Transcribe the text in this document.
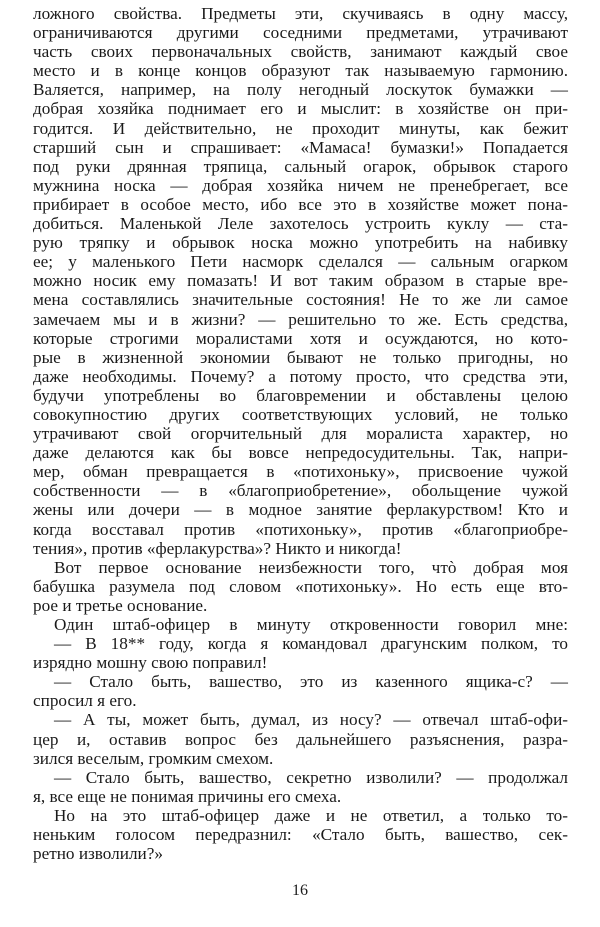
ложного свойства. Предметы эти, скучиваясь в одну массу,
ограничиваются другими соседними предметами, утрачивают
часть своих первоначальных свойств, занимают каждый свое
место и в конце концов образуют так называемую гармонию.
Валяется, например, на полу негодный лоскуток бумажки —
добрая хозяйка поднимает его и мыслит: в хозяйстве он при-
годится. И действительно, не проходит минуты, как бежит
старший сын и спрашивает: «Мамаса! бумазки!» Попадается
под руки дрянная тряпица, сальный огарок, обрывок старого
мужнина носка — добрая хозяйка ничем не пренебрегает, все
прибирает в особое место, ибо все это в хозяйстве может пона-
добиться. Маленькой Леле захотелось устроить куклу — ста-
рую тряпку и обрывок носка можно употребить на набивку
ее; у маленького Пети насморк сделался — сальным огарком
можно носик ему помазать! И вот таким образом в старые вре-
мена составлялись значительные состояния! Не то же ли самое
замечаем мы и в жизни? — решительно то же. Есть средства,
которые строгими моралистами хотя и осуждаются, но кото-
рые в жизненной экономии бывают не только пригодны, но
даже необходимы. Почему? а потому просто, что средства эти,
будучи употреблены во благовремении и обставлены целою
совокупностию других соответствующих условий, не только
утрачивают свой огорчительный для моралиста характер, но
даже делаются как бы вовсе непредосудительны. Так, напри-
мер, обман превращается в «потихоньку», присвоение чужой
собственности — в «благоприобретение», обольщение чужой
жены или дочери — в модное занятие ферлакурством! Кто и
когда восставал против «потихоньку», против «благоприобре-
тения», против «ферлакурства»? Никто и никогда!
Вот первое основание неизбежности того, чтò добрая моя
бабушка разумела под словом «потихоньку». Но есть еще вто-
рое и третье основание.
Один штаб-офицер в минуту откровенности говорил мне:
— В 18** году, когда я командовал драгунским полком, то
изрядно мошну свою поправил!
— Стало быть, вашество, это из казенного ящика-с? —
спросил я его.
— А ты, может быть, думал, из носу? — отвечал штаб-офи-
цер и, оставив вопрос без дальнейшего разъяснения, разра-
зился веселым, громким смехом.
— Стало быть, вашество, секретно изволили? — продолжал
я, все еще не понимая причины его смеха.
Но на это штаб-офицер даже и не ответил, а только то-
неньким голосом передразнил: «Стало быть, вашество, сек-
ретно изволили?»
16
